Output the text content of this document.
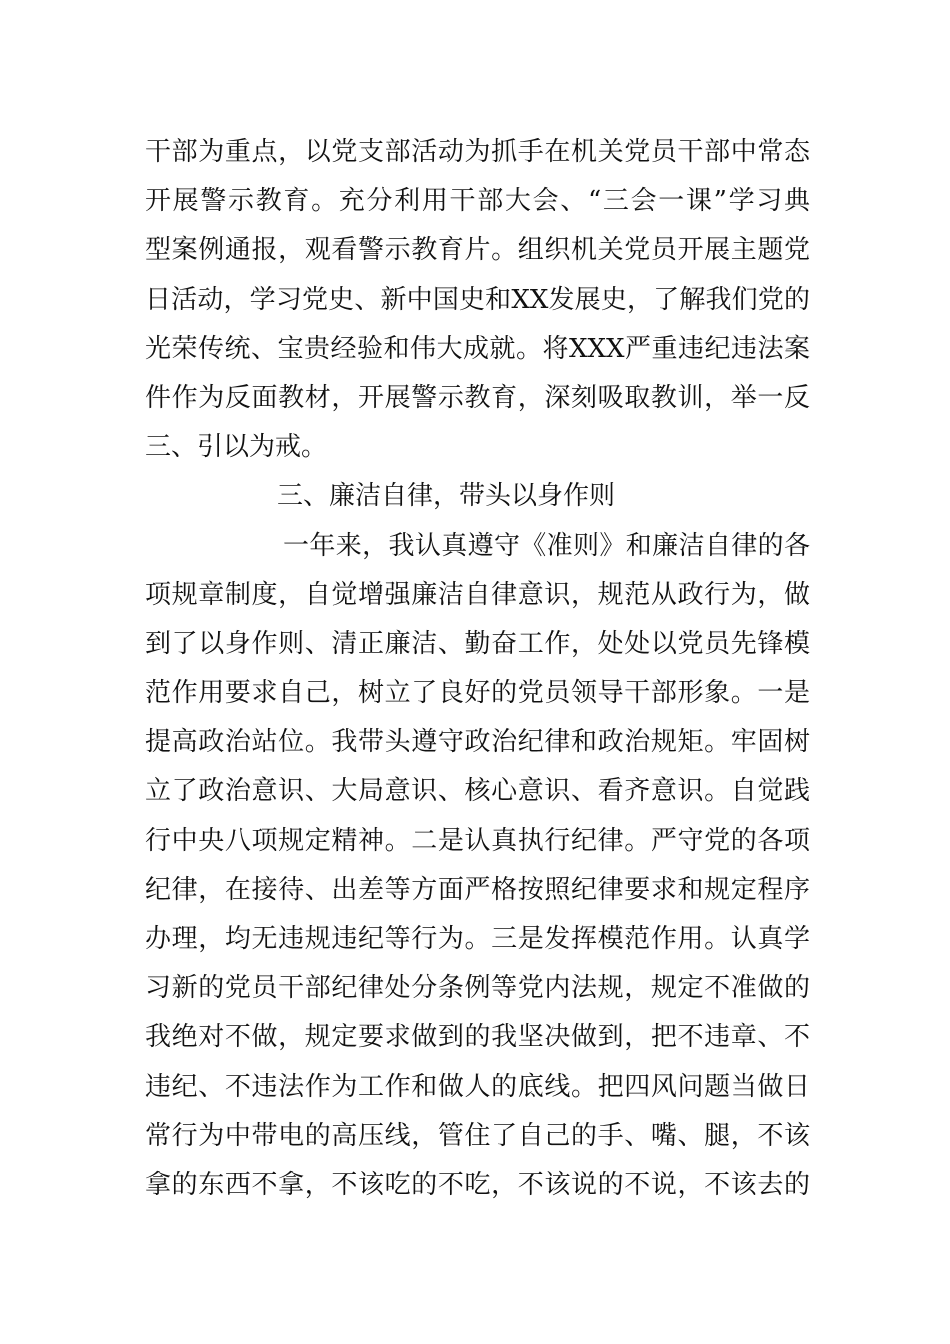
干部为重点，以党支部活动为抓手在机关党员干部中常态
开展警示教育。充分利用干部大会、“三会一课”学习典
型案例通报，观看警示教育片。组织机关党员开展主题党
日活动，学习党史、新中国史和XX发展史，了解我们党的
光荣传统、宝贵经验和伟大成就。将XXX严重违纪违法案
件作为反面教材，开展警示教育，深刻吸取教训，举一反
三、引以为戒。
三、廉洁自律，带头以身作则
一年来，我认真遵守《准则》和廉洁自律的各
项规章制度，自觉增强廉洁自律意识，规范从政行为，做
到了以身作则、清正廉洁、勤奋工作，处处以党员先锋模
范作用要求自己，树立了良好的党员领导干部形象。一是
提高政治站位。我带头遵守政治纪律和政治规矩。牢固树
立了政治意识、大局意识、核心意识、看齐意识。自觉践
行中央八项规定精神。二是认真执行纪律。严守党的各项
纪律，在接待、出差等方面严格按照纪律要求和规定程序
办理，均无违规违纪等行为。三是发挥模范作用。认真学
习新的党员干部纪律处分条例等党内法规，规定不准做的
我绝对不做，规定要求做到的我坚决做到，把不违章、不
违纪、不违法作为工作和做人的底线。把四风问题当做日
常行为中带电的高压线，管住了自己的手、嘴、腿，不该
拿的东西不拿，不该吃的不吃，不该说的不说，不该去的
